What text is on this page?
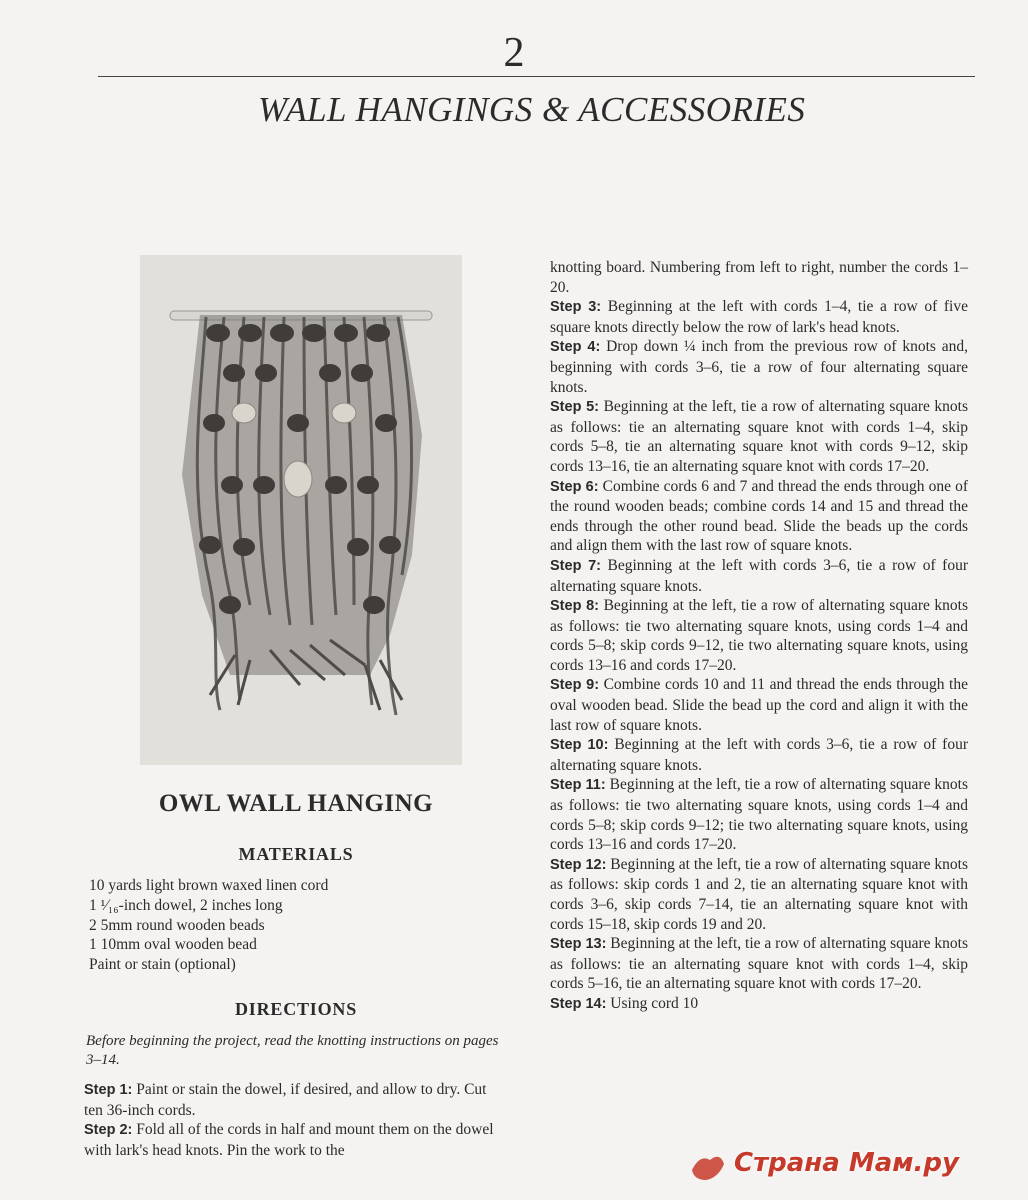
2
WALL HANGINGS & ACCESSORIES
OWL WALL HANGING
MATERIALS
10 yards light brown waxed linen cord
1 ¹⁄₁₆-inch dowel, 2 inches long
2 5mm round wooden beads
1 10mm oval wooden bead
Paint or stain (optional)
DIRECTIONS
Before beginning the project, read the knotting instructions on pages 3–14.

Step 1: Paint or stain the dowel, if desired, and allow to dry. Cut ten 36-inch cords.

Step 2: Fold all of the cords in half and mount them on the dowel with lark's head knots. Pin the work to the

knotting board. Numbering from left to right, number the cords 1–20.

Step 3: Beginning at the left with cords 1–4, tie a row of five square knots directly below the row of lark's head knots.

Step 4: Drop down ¼ inch from the previous row of knots and, beginning with cords 3–6, tie a row of four alternating square knots.

Step 5: Beginning at the left, tie a row of alternating square knots as follows: tie an alternating square knot with cords 1–4, skip cords 5–8, tie an alternating square knot with cords 9–12, skip cords 13–16, tie an alternating square knot with cords 17–20.

Step 6: Combine cords 6 and 7 and thread the ends through one of the round wooden beads; combine cords 14 and 15 and thread the ends through the other round bead. Slide the beads up the cords and align them with the last row of square knots.

Step 7: Beginning at the left with cords 3–6, tie a row of four alternating square knots.

Step 8: Beginning at the left, tie a row of alternating square knots as follows: tie two alternating square knots, using cords 1–4 and cords 5–8; skip cords 9–12, tie two alternating square knots, using cords 13–16 and cords 17–20.

Step 9: Combine cords 10 and 11 and thread the ends through the oval wooden bead. Slide the bead up the cord and align it with the last row of square knots.

Step 10: Beginning at the left with cords 3–6, tie a row of four alternating square knots.

Step 11: Beginning at the left, tie a row of alternating square knots as follows: tie two alternating square knots, using cords 1–4 and cords 5–8; skip cords 9–12; tie two alternating square knots, using cords 13–16 and cords 17–20.

Step 12: Beginning at the left, tie a row of alternating square knots as follows: skip cords 1 and 2, tie an alternating square knot with cords 3–6, skip cords 7–14, tie an alternating square knot with cords 15–18, skip cords 19 and 20.

Step 13: Beginning at the left, tie a row of alternating square knots as follows: tie an alternating square knot with cords 1–4, skip cords 5–16, tie an alternating square knot with cords 17–20.

Step 14: Using cord 10

Страна Мам.ру
